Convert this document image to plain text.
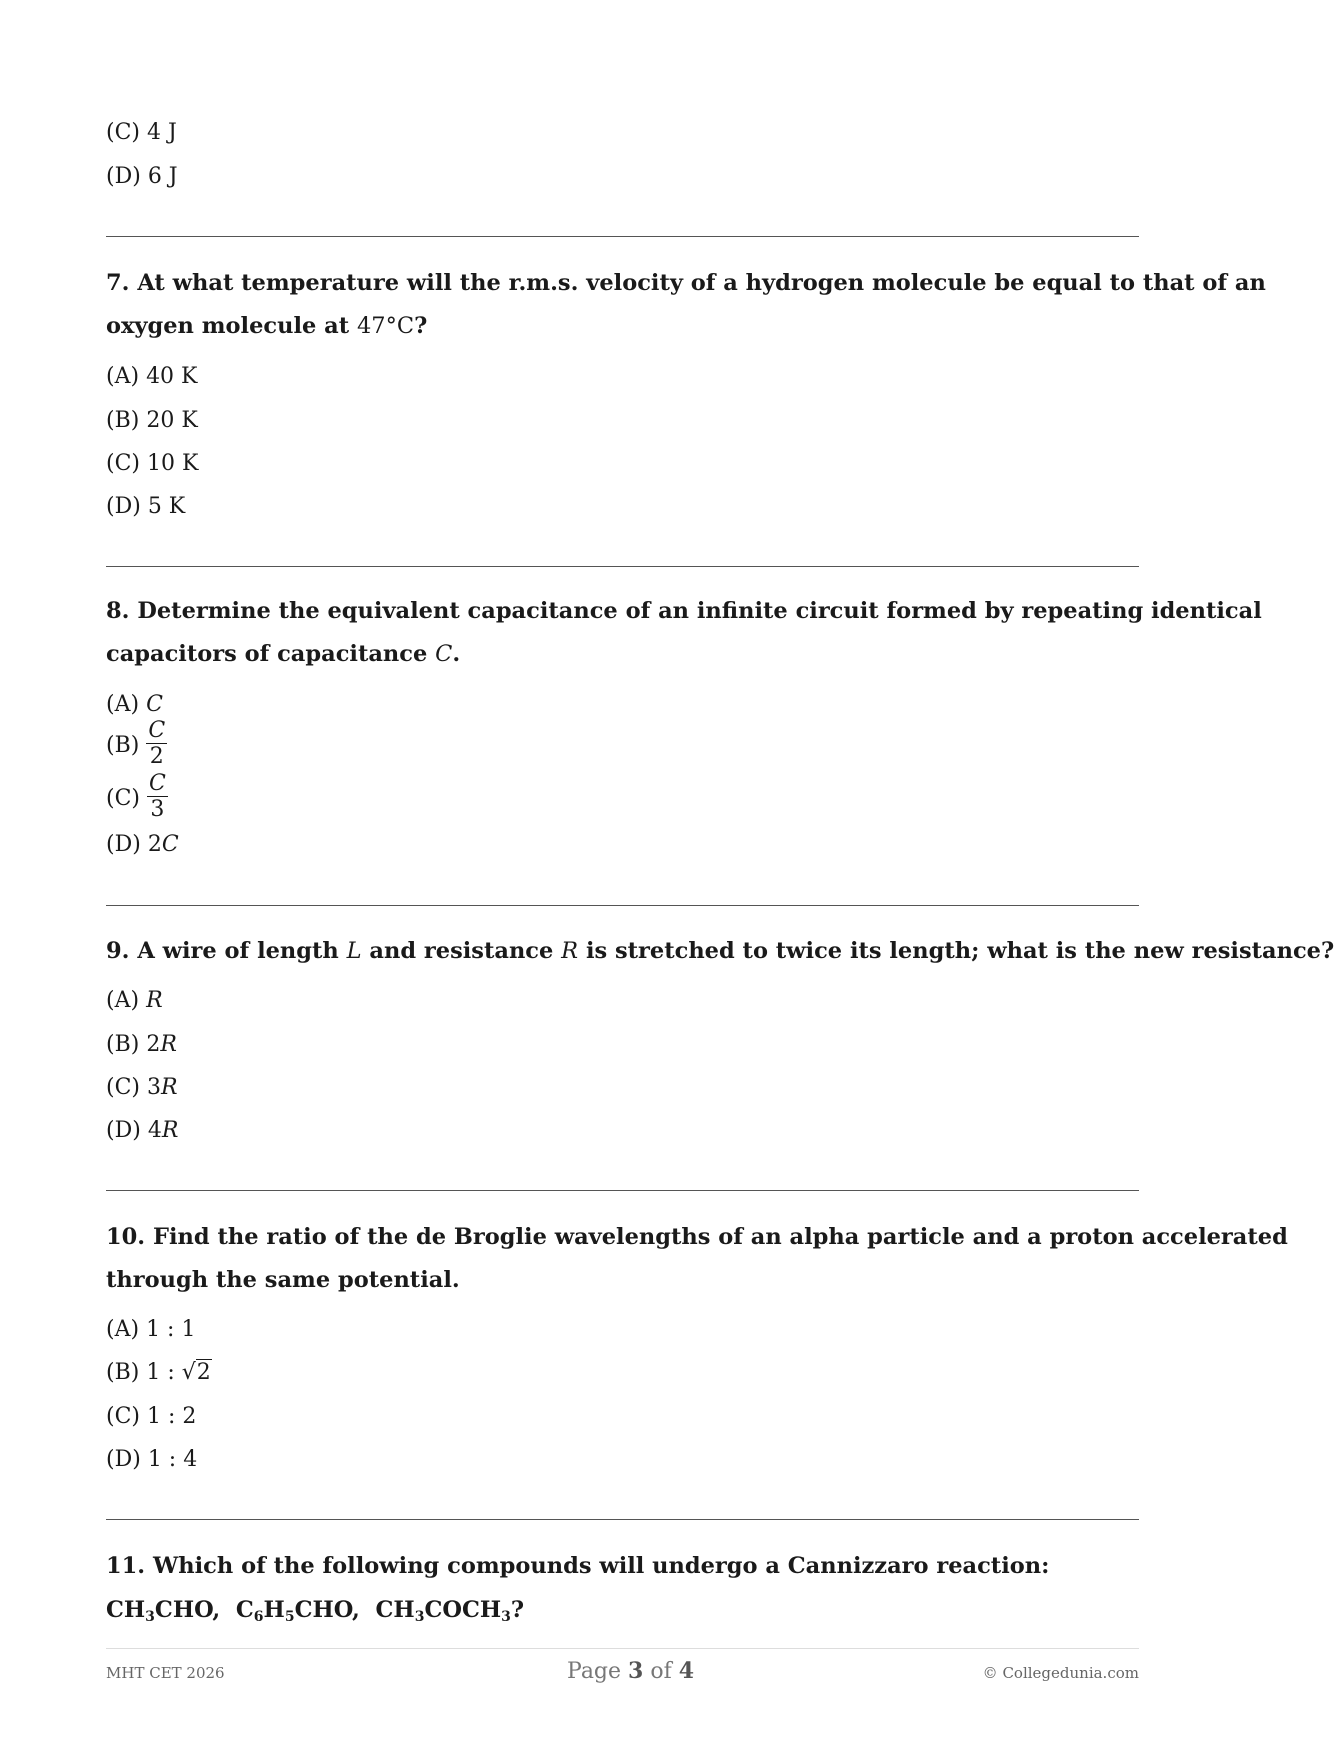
(C) 4 J
(D) 6 J
7. At what temperature will the r.m.s. velocity of a hydrogen molecule be equal to that of an
oxygen molecule at 47°C?
(A) 40 K
(B) 20 K
(C) 10 K
(D) 5 K
8. Determine the equivalent capacitance of an infinite circuit formed by repeating identical
capacitors of capacitance C.
(A) C
$(B) \frac{C}{2}$
$(C) \frac{C}{3}$
(D) 2C
9. A wire of length L and resistance R is stretched to twice its length; what is the new resistance?
(A) R
(B) 2R
(C) 3R
(D) 4R
10. Find the ratio of the de Broglie wavelengths of an alpha particle and a proton accelerated
through the same potential.
(A) 1 : 1
(B) 1 : √2
(C) 1 : 2
(D) 1 : 4
11. Which of the following compounds will undergo a Cannizzaro reaction:
$CH_3CHO$, $C_6H_5CHO$, $CH_3COCH_3$?
MHT CET 2026	Page 3 of 4	© Collegedunia.com
